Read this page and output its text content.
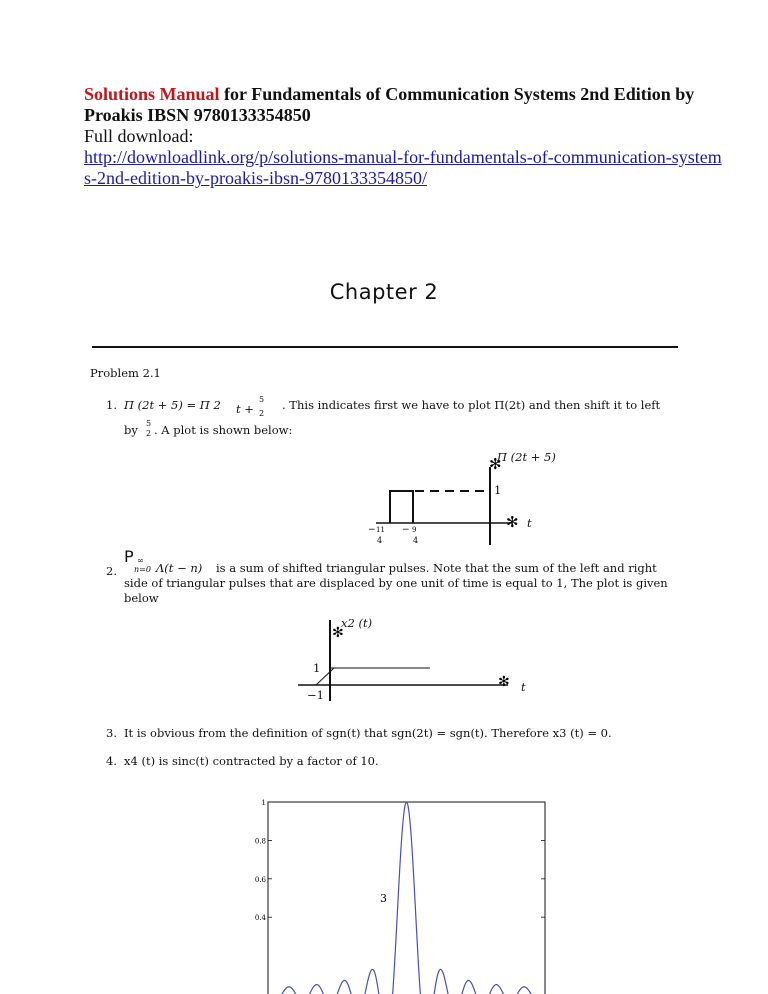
Solutions Manual for Fundamentals of Communication Systems 2nd Edition by Proakis IBSN 9780133354850
Full download:
http://downloadlink.org/p/solutions-manual-for-fundamentals-of-communication-systems-2nd-edition-by-proakis-ibsn-9780133354850/
Chapter 2
Problem 2.1
1. Π (2t + 5) = Π 2	5
2
t + . This indicates first we have to plot Π(2t) and then shift it to left
by 5
2 . A plot is shown below:
✻
✻
− 11
4
− 9
4
Π (2t + 5)
1
t
2.
P ∞
n=0 Λ(t − n) is a sum of shifted triangular pulses. Note that the sum of the left and right
side of triangular pulses that are displaced by one unit of time is equal to 1, The plot is given
below
✻
✻
x2 (t)
1
−1
t
3. It is obvious from the definition of sgn(t) that sgn(2t) = sgn(t). Therefore x3 (t) = 0.
4. x4 (t) is sinc(t) contracted by a factor of 10.
1
0.8
0.6
0.4
3
